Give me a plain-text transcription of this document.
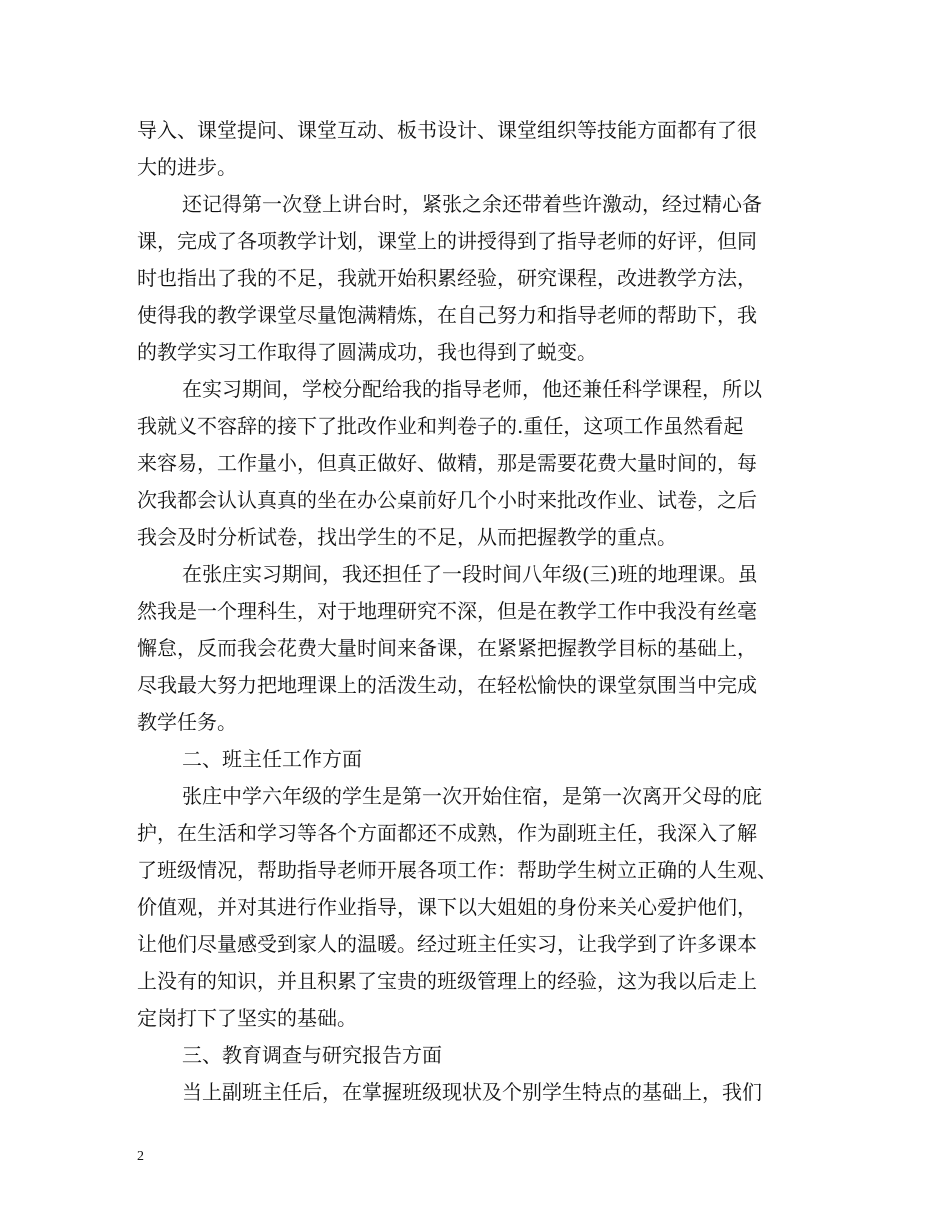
导入、课堂提问、课堂互动、板书设计、课堂组织等技能方面都有了很
大的进步。
还记得第一次登上讲台时，紧张之余还带着些许激动，经过精心备
课，完成了各项教学计划，课堂上的讲授得到了指导老师的好评，但同
时也指出了我的不足，我就开始积累经验，研究课程，改进教学方法，
使得我的教学课堂尽量饱满精炼，在自己努力和指导老师的帮助下，我
的教学实习工作取得了圆满成功，我也得到了蜕变。
在实习期间，学校分配给我的指导老师，他还兼任科学课程，所以
我就义不容辞的接下了批改作业和判卷子的.重任，这项工作虽然看起
来容易，工作量小，但真正做好、做精，那是需要花费大量时间的，每
次我都会认认真真的坐在办公桌前好几个小时来批改作业、试卷，之后
我会及时分析试卷，找出学生的不足，从而把握教学的重点。
在张庄实习期间，我还担任了一段时间八年级(三)班的地理课。虽
然我是一个理科生，对于地理研究不深，但是在教学工作中我没有丝毫
懈怠，反而我会花费大量时间来备课，在紧紧把握教学目标的基础上，
尽我最大努力把地理课上的活泼生动，在轻松愉快的课堂氛围当中完成
教学任务。
二、班主任工作方面
张庄中学六年级的学生是第一次开始住宿，是第一次离开父母的庇
护，在生活和学习等各个方面都还不成熟，作为副班主任，我深入了解
了班级情况，帮助指导老师开展各项工作：帮助学生树立正确的人生观、
价值观，并对其进行作业指导，课下以大姐姐的身份来关心爱护他们，
让他们尽量感受到家人的温暖。经过班主任实习，让我学到了许多课本
上没有的知识，并且积累了宝贵的班级管理上的经验，这为我以后走上
定岗打下了坚实的基础。
三、教育调查与研究报告方面
当上副班主任后，在掌握班级现状及个别学生特点的基础上，我们
2
